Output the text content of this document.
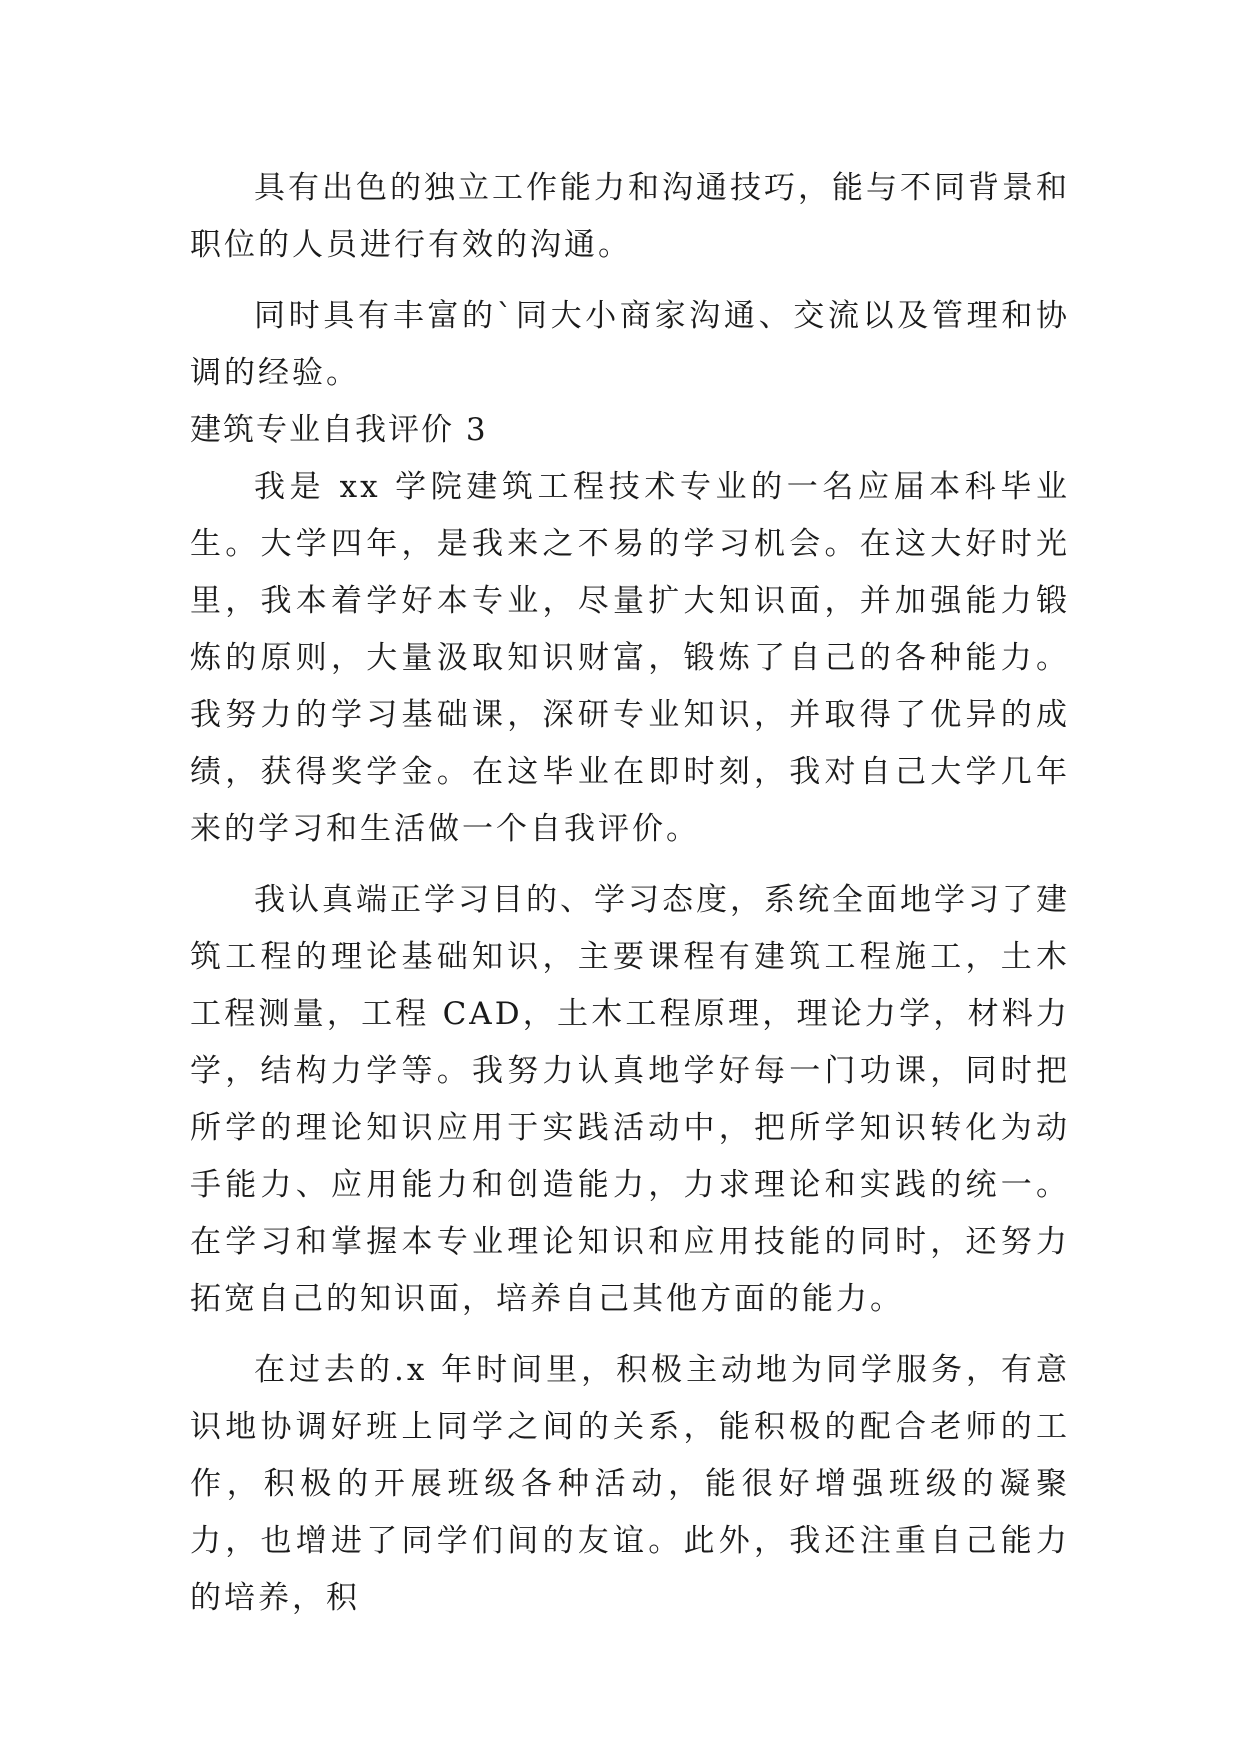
具有出色的独立工作能力和沟通技巧，能与不同背景和职位的人员进行有效的沟通。

同时具有丰富的`同大小商家沟通、交流以及管理和协调的经验。

建筑专业自我评价 3

我是 xx 学院建筑工程技术专业的一名应届本科毕业生。大学四年，是我来之不易的学习机会。在这大好时光里，我本着学好本专业，尽量扩大知识面，并加强能力锻炼的原则，大量汲取知识财富，锻炼了自己的各种能力。我努力的学习基础课，深研专业知识，并取得了优异的成绩，获得奖学金。在这毕业在即时刻，我对自己大学几年来的学习和生活做一个自我评价。

我认真端正学习目的、学习态度，系统全面地学习了建筑工程的理论基础知识，主要课程有建筑工程施工，土木工程测量，工程 CAD，土木工程原理，理论力学，材料力学，结构力学等。我努力认真地学好每一门功课，同时把所学的理论知识应用于实践活动中，把所学知识转化为动手能力、应用能力和创造能力，力求理论和实践的统一。在学习和掌握本专业理论知识和应用技能的同时，还努力拓宽自己的知识面，培养自己其他方面的能力。

在过去的.x 年时间里，积极主动地为同学服务，有意识地协调好班上同学之间的关系，能积极的配合老师的工作，积极的开展班级各种活动，能很好增强班级的凝聚力，也增进了同学们间的友谊。此外，我还注重自己能力的培养，积
